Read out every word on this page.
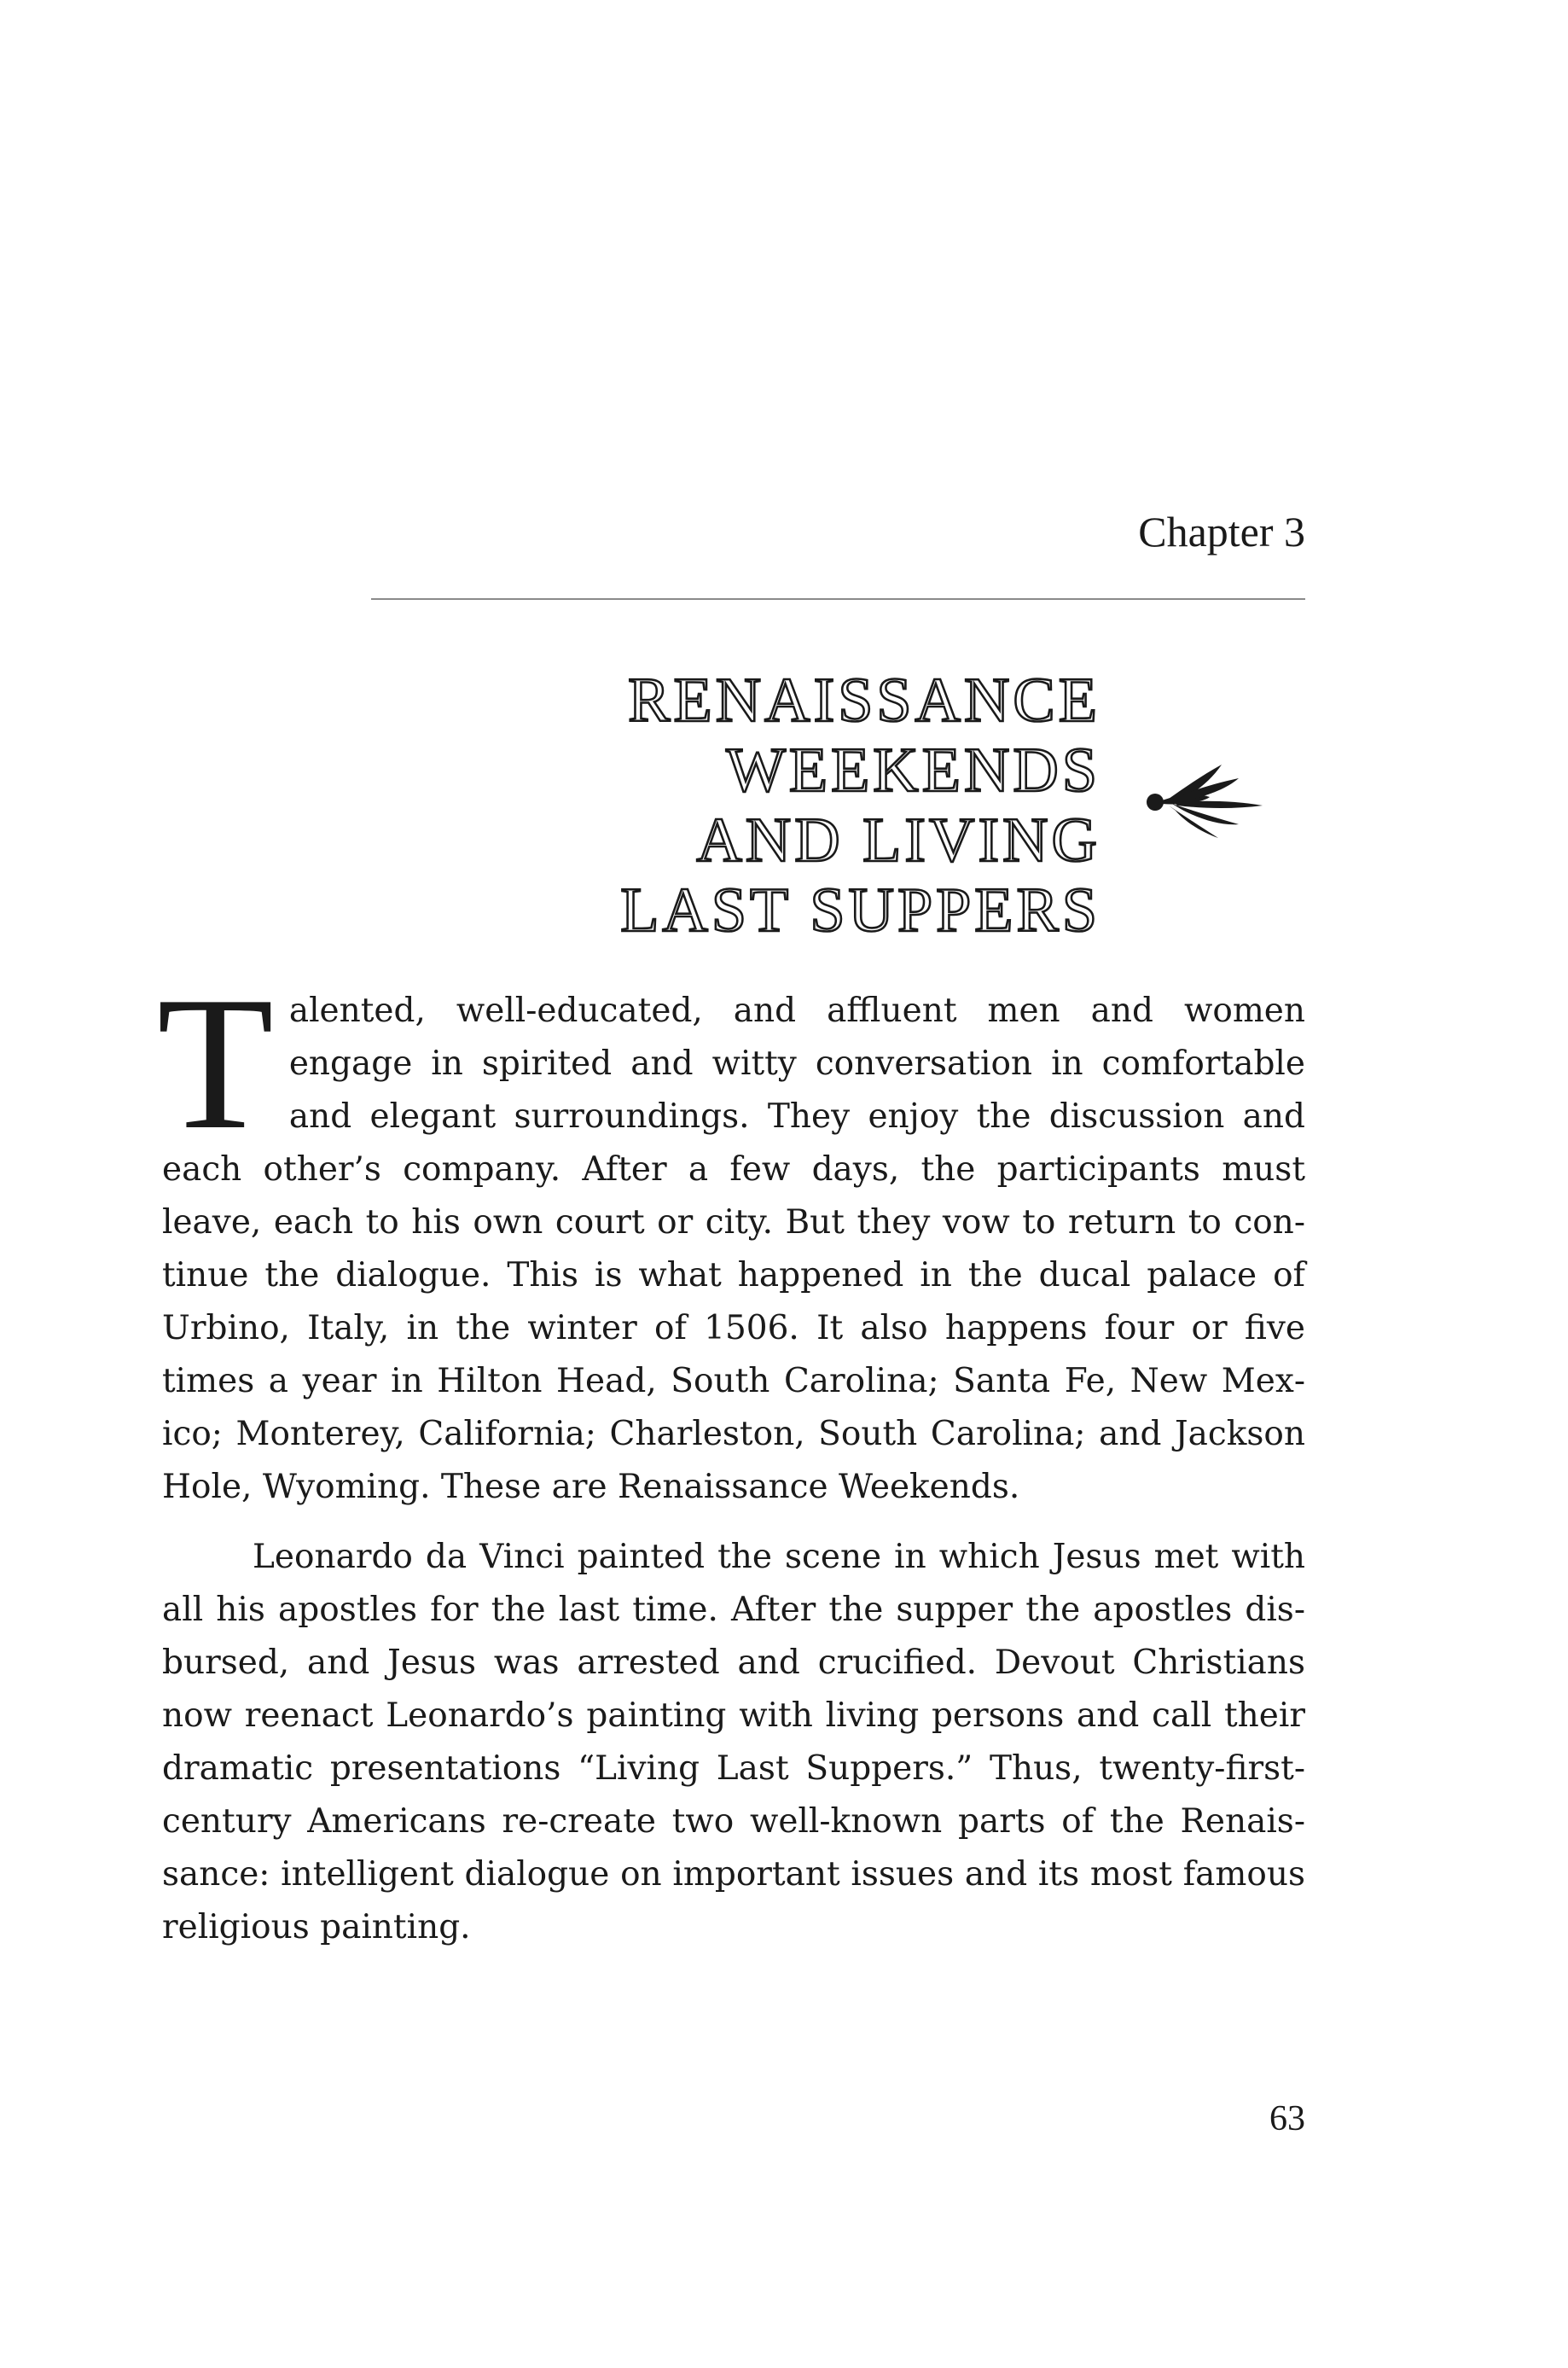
Chapter 3
RENAISSANCE
WEEKENDS
AND LIVING
LAST SUPPERS

Talented, well-educated, and affluent men and women engage in spirited and witty conversation in comfortable and elegant surroundings. They enjoy the discussion and each other’s company. After a few days, the participants must leave, each to his own court or city. But they vow to return to continue the dialogue. This is what happened in the ducal palace of Urbino, Italy, in the winter of 1506. It also happens four or five times a year in Hilton Head, South Carolina; Santa Fe, New Mexico; Monterey, California; Charleston, South Carolina; and Jackson Hole, Wyoming. These are Renaissance Weekends.

Leonardo da Vinci painted the scene in which Jesus met with all his apostles for the last time. After the supper the apostles disbursed, and Jesus was arrested and crucified. Devout Christians now reenact Leonardo’s painting with living persons and call their dramatic presentations “Living Last Suppers.” Thus, twenty-first-century Americans re-create two well-known parts of the Renaissance: intelligent dialogue on important issues and its most famous religious painting.

63
